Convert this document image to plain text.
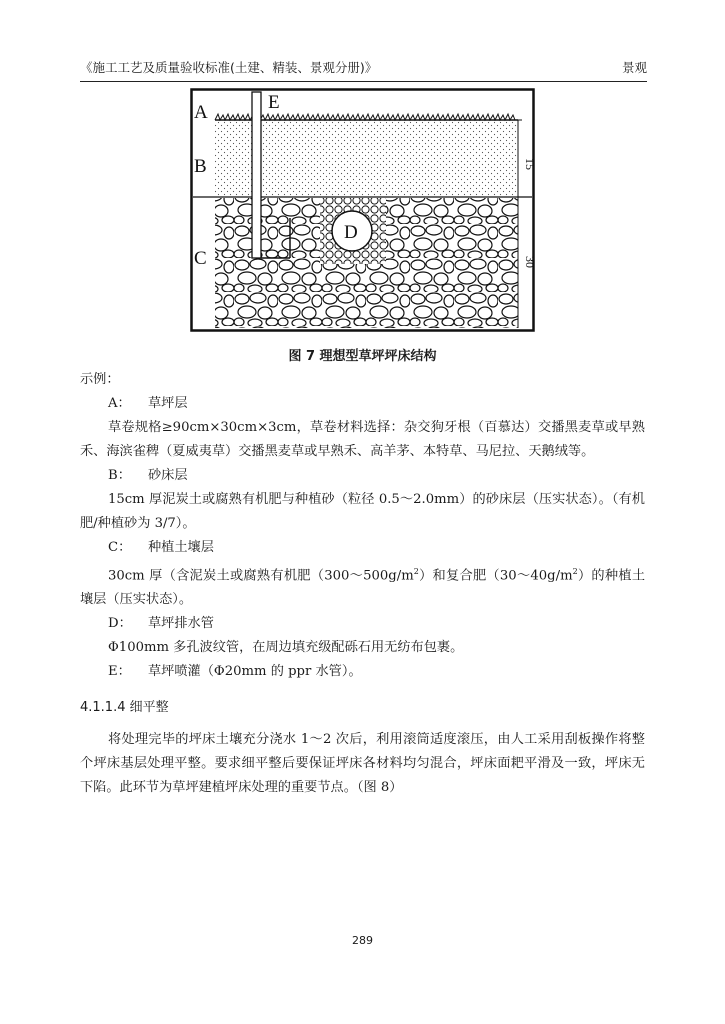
《施工工艺及质量验收标准(土建、精装、景观分册)》	景观
A
B
C
D
E
15
30
图 7 理想型草坪坪床结构

示例：

A： 草坪层

草卷规格≥90cm×30cm×3cm，草卷材料选择：杂交狗牙根（百慕达）交播黑麦草或早熟禾、海滨雀稗（夏威夷草）交播黑麦草或早熟禾、高羊茅、本特草、马尼拉、天鹅绒等。

B： 砂床层

15cm 厚泥炭土或腐熟有机肥与种植砂（粒径 0.5～2.0mm）的砂床层（压实状态）。（有机肥/种植砂为 3/7）。

C： 种植土壤层

30cm 厚（含泥炭土或腐熟有机肥$(300\sim 500g/m^2)$和复合肥$(30\sim 40g/m^2)$的种植土壤层（压实状态）。

D： 草坪排水管

Φ100mm 多孔波纹管，在周边填充级配砾石用无纺布包裹。

E： 草坪喷灌（Φ20mm 的 ppr 水管）。

4.1.1.4 细平整

将处理完毕的坪床土壤充分浇水 1～2 次后，利用滚筒适度滚压，由人工采用刮板操作将整个坪床基层处理平整。要求细平整后要保证坪床各材料均匀混合，坪床面耙平滑及一致，坪床无下陷。此环节为草坪建植坪床处理的重要节点。（图 8）

289
